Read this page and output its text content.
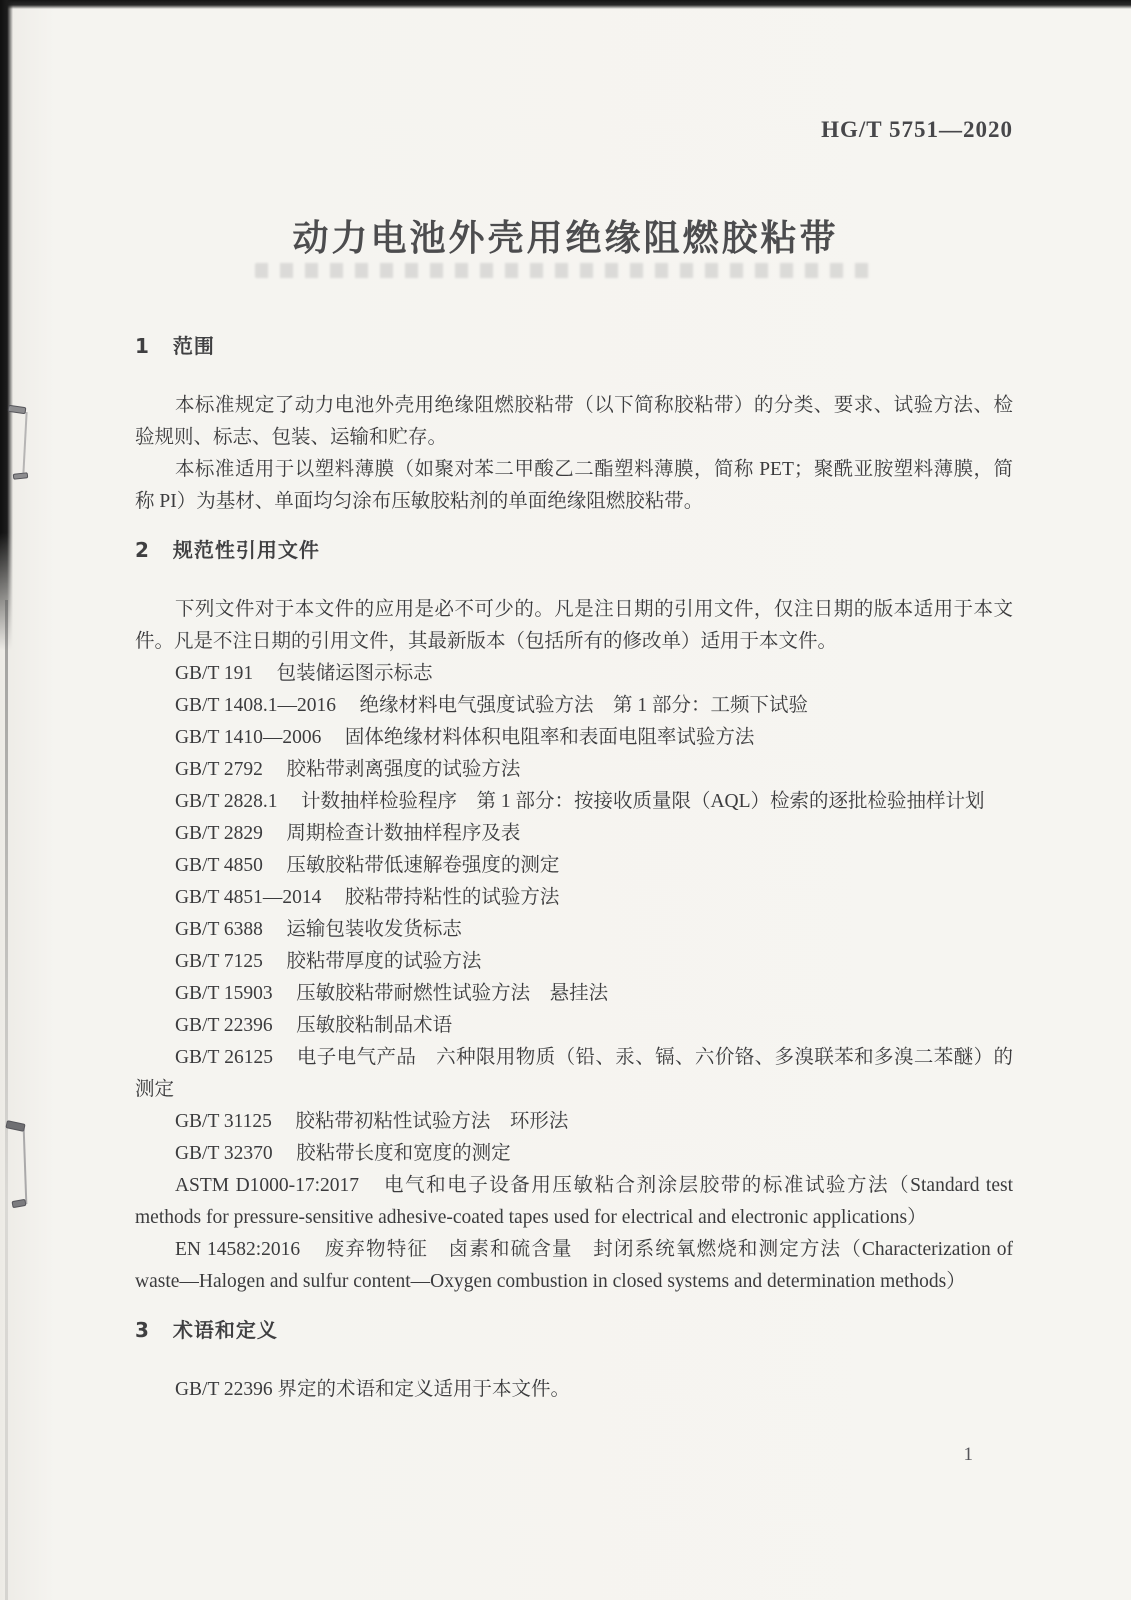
HG/T 5751—2020
动力电池外壳用绝缘阻燃胶粘带
1 范围

本标准规定了动力电池外壳用绝缘阻燃胶粘带（以下简称胶粘带）的分类、要求、试验方法、检验规则、标志、包装、运输和贮存。

本标准适用于以塑料薄膜（如聚对苯二甲酸乙二酯塑料薄膜，简称 PET；聚酰亚胺塑料薄膜，简称 PI）为基材、单面均匀涂布压敏胶粘剂的单面绝缘阻燃胶粘带。

2 规范性引用文件

下列文件对于本文件的应用是必不可少的。凡是注日期的引用文件，仅注日期的版本适用于本文件。凡是不注日期的引用文件，其最新版本（包括所有的修改单）适用于本文件。

GB/T 191 包装储运图示标志

GB/T 1408.1—2016 绝缘材料电气强度试验方法　第 1 部分：工频下试验

GB/T 1410—2006 固体绝缘材料体积电阻率和表面电阻率试验方法

GB/T 2792 胶粘带剥离强度的试验方法

GB/T 2828.1 计数抽样检验程序　第 1 部分：按接收质量限（AQL）检索的逐批检验抽样计划

GB/T 2829 周期检查计数抽样程序及表

GB/T 4850 压敏胶粘带低速解卷强度的测定

GB/T 4851—2014 胶粘带持粘性的试验方法

GB/T 6388 运输包装收发货标志

GB/T 7125 胶粘带厚度的试验方法

GB/T 15903 压敏胶粘带耐燃性试验方法　悬挂法

GB/T 22396 压敏胶粘制品术语

GB/T 26125 电子电气产品　六种限用物质（铅、汞、镉、六价铬、多溴联苯和多溴二苯醚）的测定

GB/T 31125 胶粘带初粘性试验方法　环形法

GB/T 32370 胶粘带长度和宽度的测定

ASTM D1000-17:2017 电气和电子设备用压敏粘合剂涂层胶带的标准试验方法（Standard test methods for pressure-sensitive adhesive-coated tapes used for electrical and electronic applications）

EN 14582:2016 废弃物特征　卤素和硫含量　封闭系统氧燃烧和测定方法（Characterization of waste—Halogen and sulfur content—Oxygen combustion in closed systems and determination methods）

3 术语和定义

GB/T 22396 界定的术语和定义适用于本文件。

1
